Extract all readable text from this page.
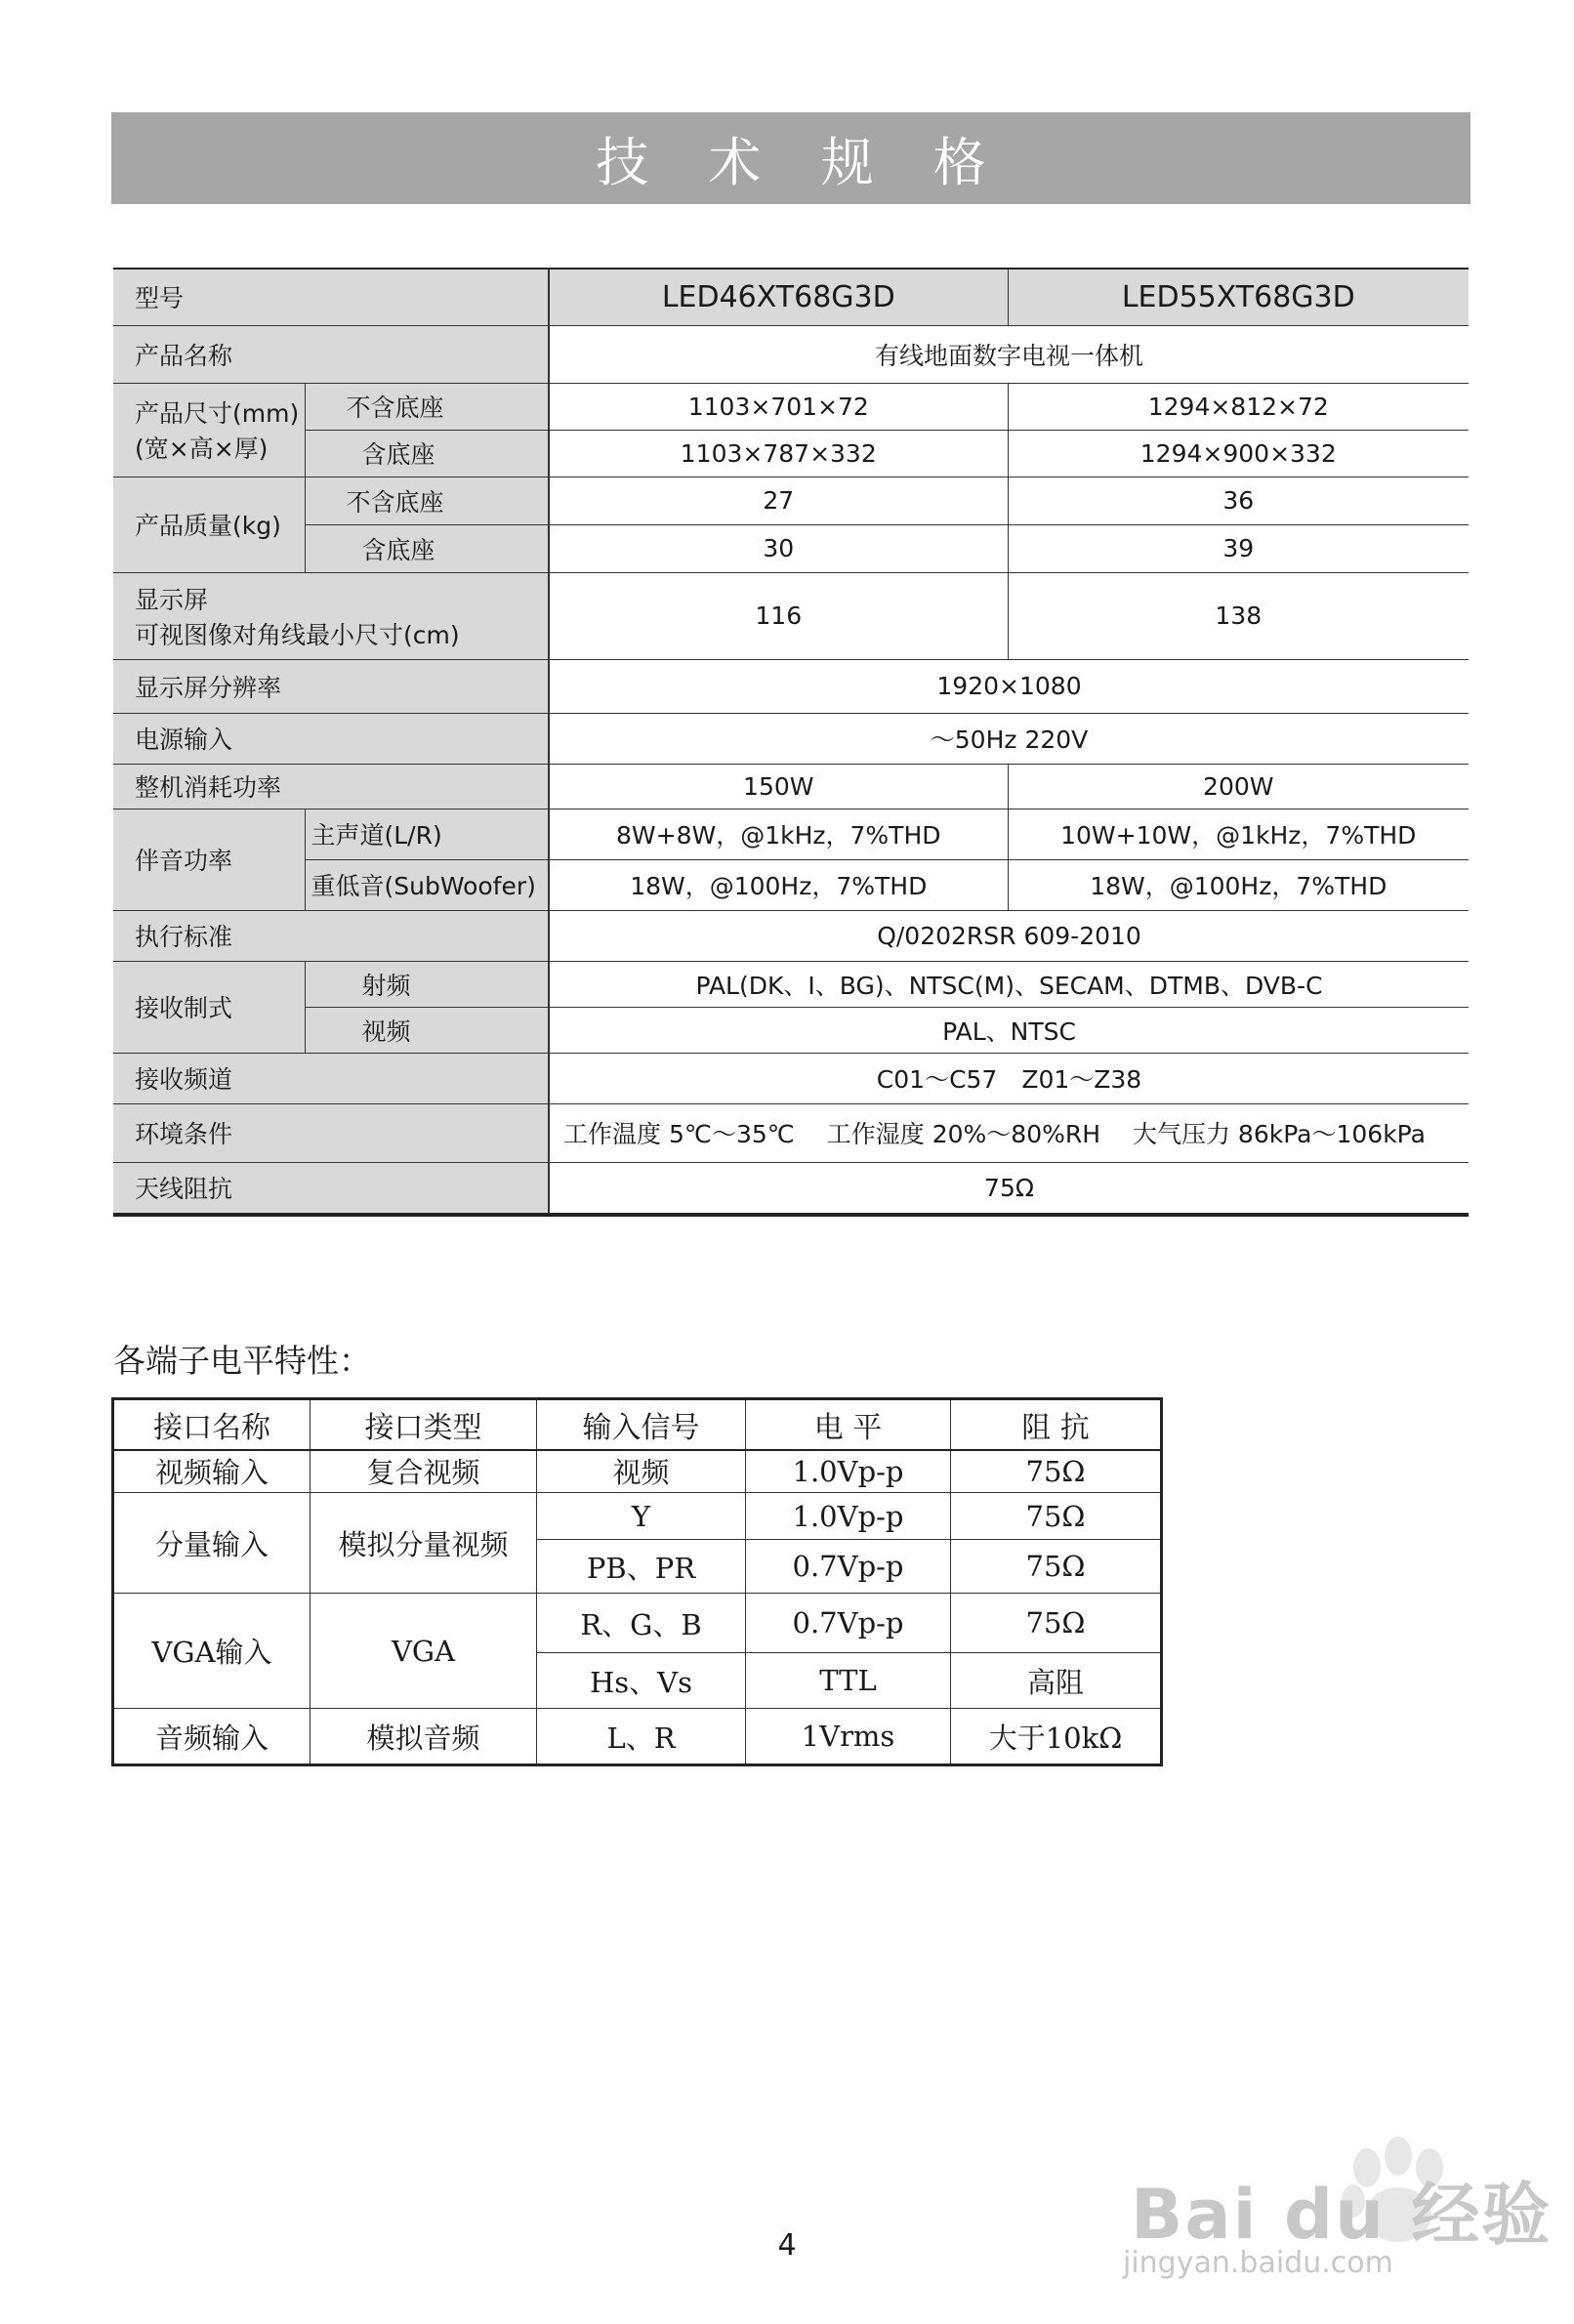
技 术 规 格
型号		LED46XT68G3D	LED55XT68G3D
产品名称		有线地面数字电视一体机	

产品尺寸(mm)
(宽×高×厚)	不含底座	1103×701×72	1294×812×72
	含底座	1103×787×332	1294×900×332
产品质量(kg)	不含底座	27	36
	含底座	30	39

显示屏
可视图像对角线最小尺寸(cm)		116	138
显示屏分辨率		1920×1080	
电源输入		～50Hz 220V	
整机消耗功率		150W	200W
伴音功率	主声道(L/R)	8W+8W，@1kHz，7%THD	10W+10W，@1kHz，7%THD
	重低音(SubWoofer)	18W，@100Hz，7%THD	18W，@100Hz，7%THD
执行标准		Q/0202RSR 609-2010	
接收制式	射频	PAL(DK、I、BG)、NTSC(M)、SECAM、DTMB、DVB-C	
	视频	PAL、NTSC	
接收频道		C01～C57　Z01～Z38	
环境条件		工作温度 5℃～35℃　 工作湿度 20%～80%RH　 大气压力 86kPa～106kPa	
天线阻抗		75Ω	
各端子电平特性：
接口名称	接口类型	输入信号	电 平	阻 抗
视频输入	复合视频	视频	1.0Vp-p	75Ω
分量输入	模拟分量视频	Y	1.0Vp-p	75Ω
		PB、PR	0.7Vp-p	75Ω
VGA输入	VGA	R、G、B	0.7Vp-p	75Ω
		Hs、Vs	TTL	高阻
音频输入	模拟音频	L、R	1Vrms	大于10kΩ
4	Bai du 经验
jingyan.baidu.com
